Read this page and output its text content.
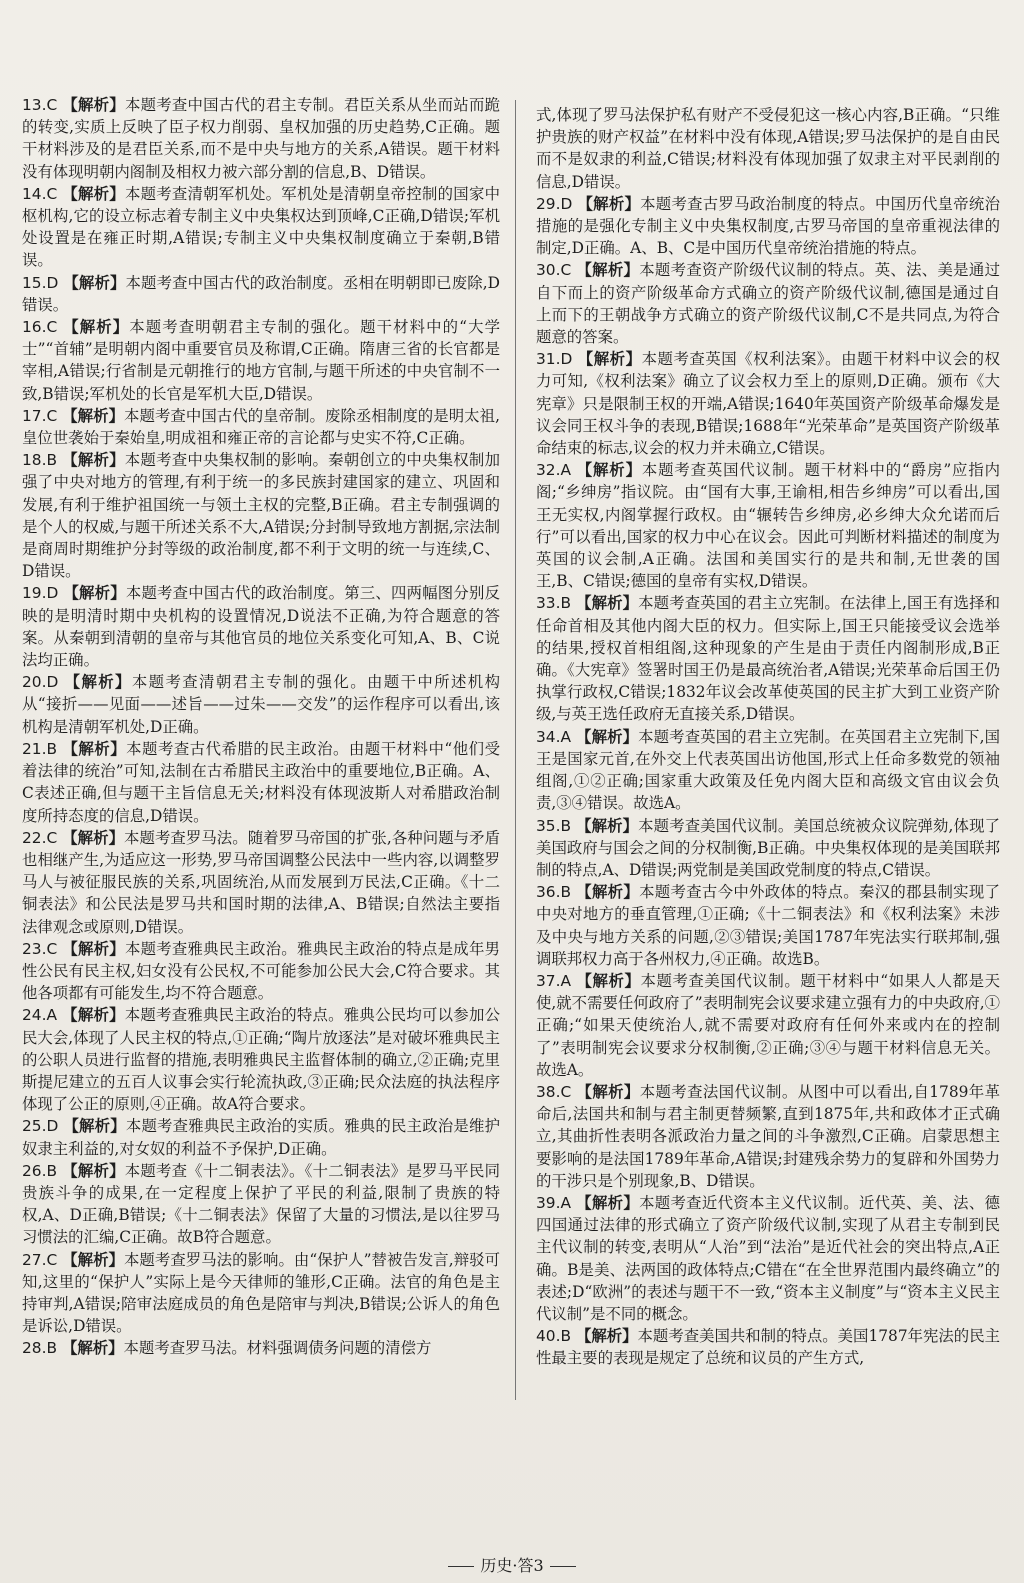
13.C 【解析】本题考查中国古代的君主专制。君臣关系从坐而站而跪的转变,实质上反映了臣子权力削弱、皇权加强的历史趋势,C正确。题干材料涉及的是君臣关系,而不是中央与地方的关系,A错误。题干材料没有体现明朝内阁制及相权力被六部分割的信息,B、D错误。
14.C 【解析】本题考查清朝军机处。军机处是清朝皇帝控制的国家中枢机构,它的设立标志着专制主义中央集权达到顶峰,C正确,D错误;军机处设置是在雍正时期,A错误;专制主义中央集权制度确立于秦朝,B错误。
15.D 【解析】本题考查中国古代的政治制度。丞相在明朝即已废除,D错误。
16.C 【解析】本题考查明朝君主专制的强化。题干材料中的“大学士”“首辅”是明朝内阁中重要官员及称谓,C正确。隋唐三省的长官都是宰相,A错误;行省制是元朝推行的地方官制,与题干所述的中央官制不一致,B错误;军机处的长官是军机大臣,D错误。
17.C 【解析】本题考查中国古代的皇帝制。废除丞相制度的是明太祖,皇位世袭始于秦始皇,明成祖和雍正帝的言论都与史实不符,C正确。
18.B 【解析】本题考查中央集权制的影响。秦朝创立的中央集权制加强了中央对地方的管理,有利于统一的多民族封建国家的建立、巩固和发展,有利于维护祖国统一与领土主权的完整,B正确。君主专制强调的是个人的权威,与题干所述关系不大,A错误;分封制导致地方割据,宗法制是商周时期维护分封等级的政治制度,都不利于文明的统一与连续,C、D错误。
19.D 【解析】本题考查中国古代的政治制度。第三、四两幅图分别反映的是明清时期中央机构的设置情况,D说法不正确,为符合题意的答案。从秦朝到清朝的皇帝与其他官员的地位关系变化可知,A、B、C说法均正确。
20.D 【解析】本题考查清朝君主专制的强化。由题干中所述机构从“接折——见面——述旨——过朱——交发”的运作程序可以看出,该机构是清朝军机处,D正确。
21.B 【解析】本题考查古代希腊的民主政治。由题干材料中“他们受着法律的统治”可知,法制在古希腊民主政治中的重要地位,B正确。A、C表述正确,但与题干主旨信息无关;材料没有体现波斯人对希腊政治制度所持态度的信息,D错误。
22.C 【解析】本题考查罗马法。随着罗马帝国的扩张,各种问题与矛盾也相继产生,为适应这一形势,罗马帝国调整公民法中一些内容,以调整罗马人与被征服民族的关系,巩固统治,从而发展到万民法,C正确。《十二铜表法》和公民法是罗马共和国时期的法律,A、B错误;自然法主要指法律观念或原则,D错误。
23.C 【解析】本题考查雅典民主政治。雅典民主政治的特点是成年男性公民有民主权,妇女没有公民权,不可能参加公民大会,C符合要求。其他各项都有可能发生,均不符合题意。
24.A 【解析】本题考查雅典民主政治的特点。雅典公民均可以参加公民大会,体现了人民主权的特点,①正确;“陶片放逐法”是对破坏雅典民主的公职人员进行监督的措施,表明雅典民主监督体制的确立,②正确;克里斯提尼建立的五百人议事会实行轮流执政,③正确;民众法庭的执法程序体现了公正的原则,④正确。故A符合要求。
25.D 【解析】本题考查雅典民主政治的实质。雅典的民主政治是维护奴隶主利益的,对女奴的利益不予保护,D正确。
26.B 【解析】本题考查《十二铜表法》。《十二铜表法》是罗马平民同贵族斗争的成果,在一定程度上保护了平民的利益,限制了贵族的特权,A、D正确,B错误;《十二铜表法》保留了大量的习惯法,是以往罗马习惯法的汇编,C正确。故B符合题意。
27.C 【解析】本题考查罗马法的影响。由“保护人”替被告发言,辩驳可知,这里的“保护人”实际上是今天律师的雏形,C正确。法官的角色是主持审判,A错误;陪审法庭成员的角色是陪审与判决,B错误;公诉人的角色是诉讼,D错误。
28.B 【解析】本题考查罗马法。材料强调债务问题的清偿方
式,体现了罗马法保护私有财产不受侵犯这一核心内容,B正确。“只维护贵族的财产权益”在材料中没有体现,A错误;罗马法保护的是自由民而不是奴隶的利益,C错误;材料没有体现加强了奴隶主对平民剥削的信息,D错误。
29.D 【解析】本题考查古罗马政治制度的特点。中国历代皇帝统治措施的是强化专制主义中央集权制度,古罗马帝国的皇帝重视法律的制定,D正确。A、B、C是中国历代皇帝统治措施的特点。
30.C 【解析】本题考查资产阶级代议制的特点。英、法、美是通过自下而上的资产阶级革命方式确立的资产阶级代议制,德国是通过自上而下的王朝战争方式确立的资产阶级代议制,C不是共同点,为符合题意的答案。
31.D 【解析】本题考查英国《权利法案》。由题干材料中议会的权力可知,《权利法案》确立了议会权力至上的原则,D正确。颁布《大宪章》只是限制王权的开端,A错误;1640年英国资产阶级革命爆发是议会同王权斗争的表现,B错误;1688年“光荣革命”是英国资产阶级革命结束的标志,议会的权力并未确立,C错误。
32.A 【解析】本题考查英国代议制。题干材料中的“爵房”应指内阁;“乡绅房”指议院。由“国有大事,王谕相,相告乡绅房”可以看出,国王无实权,内阁掌握行政权。由“辗转告乡绅房,必乡绅大众允诺而后行”可以看出,国家的权力中心在议会。因此可判断材料描述的制度为英国的议会制,A正确。法国和美国实行的是共和制,无世袭的国王,B、C错误;德国的皇帝有实权,D错误。
33.B 【解析】本题考查英国的君主立宪制。在法律上,国王有选择和任命首相及其他内阁大臣的权力。但实际上,国王只能接受议会选举的结果,授权首相组阁,这种现象的产生是由于责任内阁制形成,B正确。《大宪章》签署时国王仍是最高统治者,A错误;光荣革命后国王仍执掌行政权,C错误;1832年议会改革使英国的民主扩大到工业资产阶级,与英王选任政府无直接关系,D错误。
34.A 【解析】本题考查英国的君主立宪制。在英国君主立宪制下,国王是国家元首,在外交上代表英国出访他国,形式上任命多数党的领袖组阁,①②正确;国家重大政策及任免内阁大臣和高级文官由议会负责,③④错误。故选A。
35.B 【解析】本题考查美国代议制。美国总统被众议院弹劾,体现了美国政府与国会之间的分权制衡,B正确。中央集权体现的是美国联邦制的特点,A、D错误;两党制是美国政党制度的特点,C错误。
36.B 【解析】本题考查古今中外政体的特点。秦汉的郡县制实现了中央对地方的垂直管理,①正确;《十二铜表法》和《权利法案》未涉及中央与地方关系的问题,②③错误;美国1787年宪法实行联邦制,强调联邦权力高于各州权力,④正确。故选B。
37.A 【解析】本题考查美国代议制。题干材料中“如果人人都是天使,就不需要任何政府了”表明制宪会议要求建立强有力的中央政府,①正确;“如果天使统治人,就不需要对政府有任何外来或内在的控制了”表明制宪会议要求分权制衡,②正确;③④与题干材料信息无关。故选A。
38.C 【解析】本题考查法国代议制。从图中可以看出,自1789年革命后,法国共和制与君主制更替频繁,直到1875年,共和政体才正式确立,其曲折性表明各派政治力量之间的斗争激烈,C正确。启蒙思想主要影响的是法国1789年革命,A错误;封建残余势力的复辟和外国势力的干涉只是个别现象,B、D错误。
39.A 【解析】本题考查近代资本主义代议制。近代英、美、法、德四国通过法律的形式确立了资产阶级代议制,实现了从君主专制到民主代议制的转变,表明从“人治”到“法治”是近代社会的突出特点,A正确。B是美、法两国的政体特点;C错在“在全世界范围内最终确立”的表述;D“欧洲”的表述与题干不一致,“资本主义制度”与“资本主义民主代议制”是不同的概念。
40.B 【解析】本题考查美国共和制的特点。美国1787年宪法的民主性最主要的表现是规定了总统和议员的产生方式,
历史·答3
